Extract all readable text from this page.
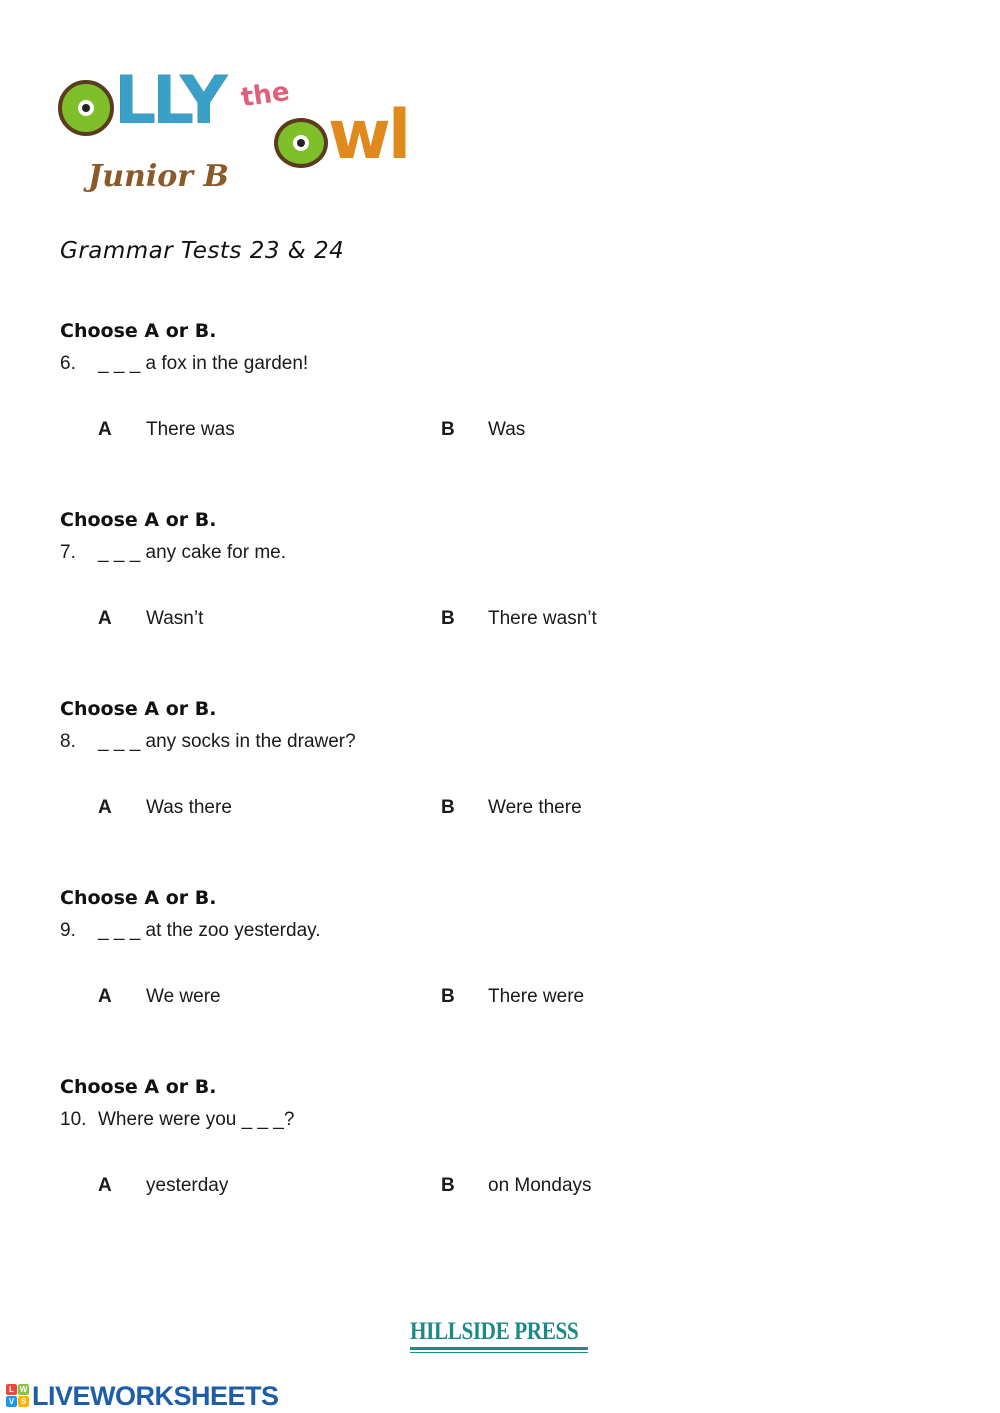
LLY the
wl
Junior B
Grammar Tests 23 & 24
Choose A or B.
6. _ _ _ a fox in the garden!
A There was	B Was
Choose A or B.
7. _ _ _ any cake for me.
A Wasn’t	B There wasn’t
Choose A or B.
8. _ _ _ any socks in the drawer?
A Was there	B Were there
Choose A or B.
9. _ _ _ at the zoo yesterday.
A We were	B There were
Choose A or B.
10. Where were you _ _ _?
A yesterday	B on Mondays
HILLSIDE PRESS
L W
V S LIVEWORKSHEETS
